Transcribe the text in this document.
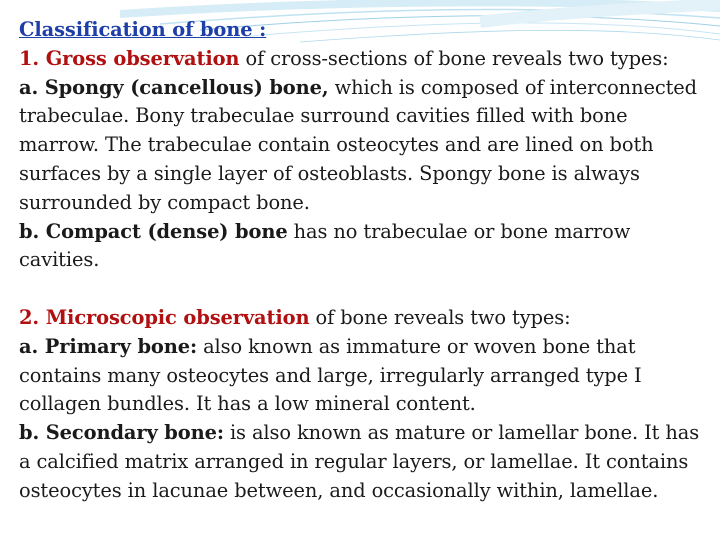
Classification of bone :

1. Gross observation of cross-sections of bone reveals two types:

a. Spongy (cancellous) bone, which is composed of interconnected trabeculae. Bony trabeculae surround cavities filled with bone marrow. The trabeculae contain osteocytes and are lined on both surfaces by a single layer of osteoblasts. Spongy bone is always surrounded by compact bone.

b. Compact (dense) bone has no trabeculae or bone marrow cavities.

2. Microscopic observation of bone reveals two types:

a. Primary bone: also known as immature or woven bone that contains many osteocytes and large, irregularly arranged type I collagen bundles. It has a low mineral content.

b. Secondary bone: is also known as mature or lamellar bone. It has a calcified matrix arranged in regular layers, or lamellae. It contains osteocytes in lacunae between, and occasionally within, lamellae.
